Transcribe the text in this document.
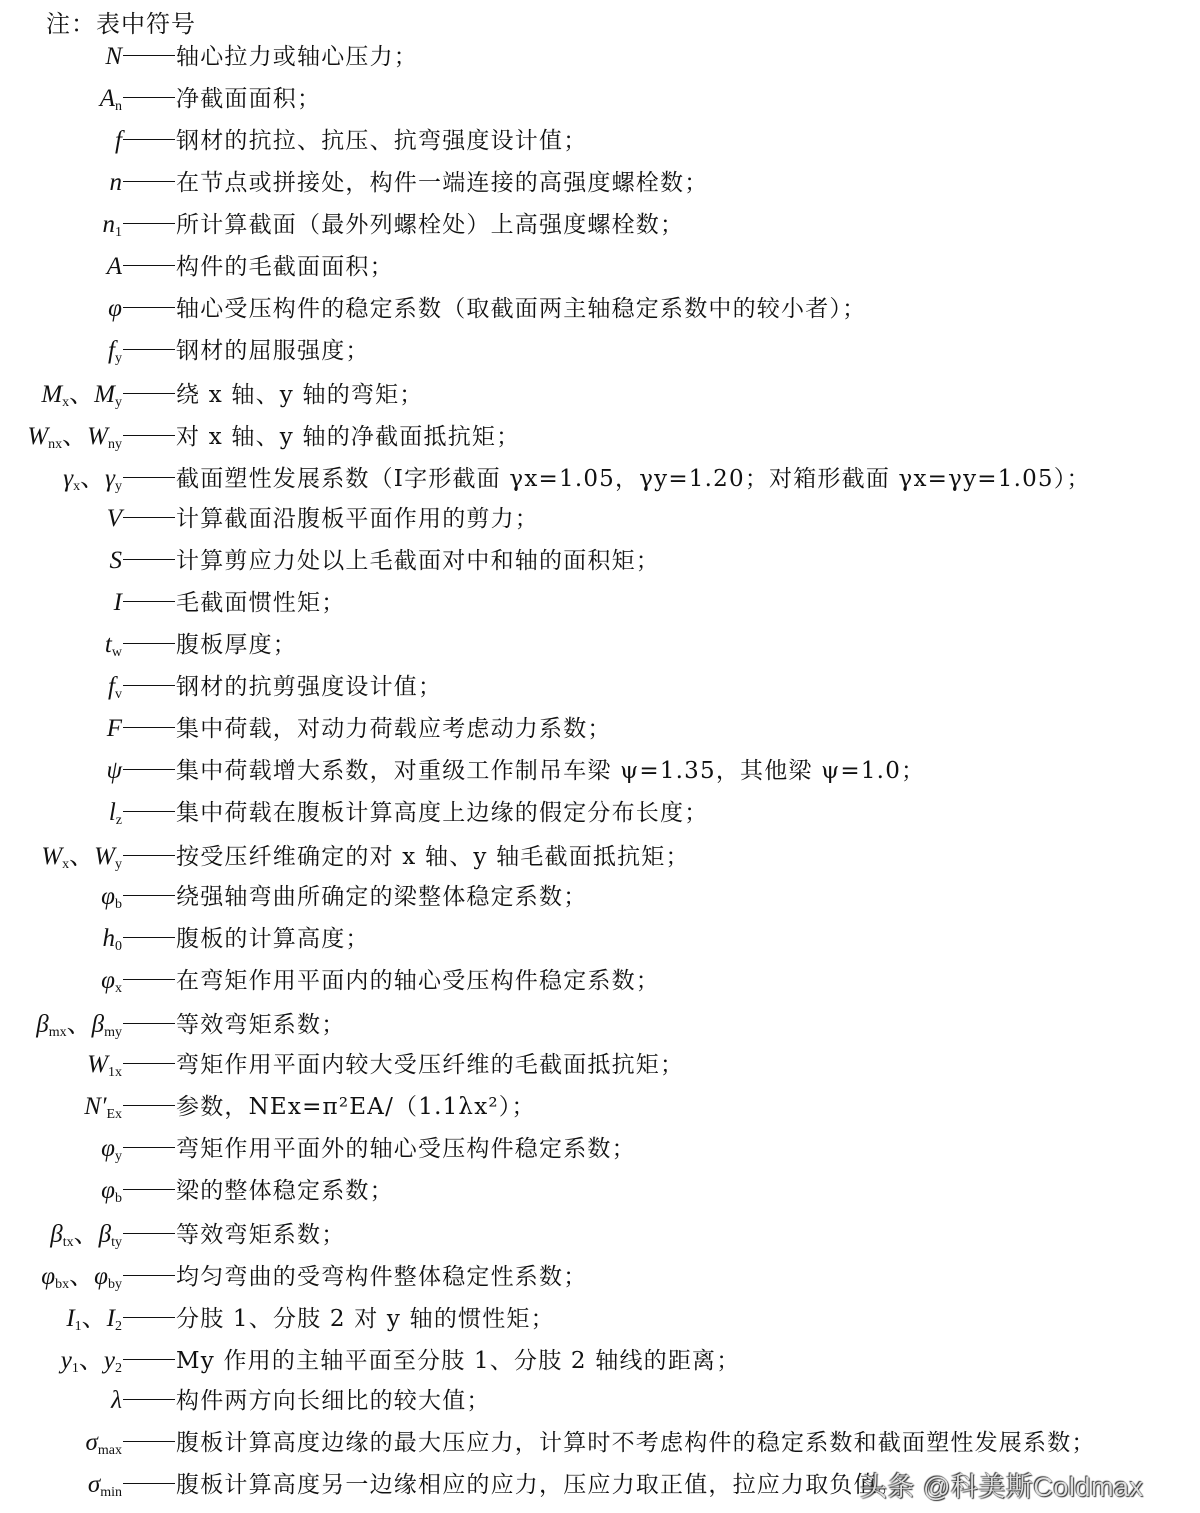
注：表中符号
N 轴心拉力或轴心压力；
$A_n$ 净截面面积；
f 钢材的抗拉、抗压、抗弯强度设计值；
n 在节点或拼接处，构件一端连接的高强度螺栓数；
$n_1$ 所计算截面（最外列螺栓处）上高强度螺栓数；
A 构件的毛截面面积；
φ 轴心受压构件的稳定系数（取截面两主轴稳定系数中的较小者）；
$f_y$ 钢材的屈服强度；
$M_x$、$M_y$ 绕 x 轴、y 轴的弯矩；
$W_{nx}$、$W_{ny}$ 对 x 轴、y 轴的净截面抵抗矩；
$\gamma_x$、$\gamma_y$ 截面塑性发展系数（I字形截面 γx=1.05，γy=1.20；对箱形截面 γx=γy=1.05）；
V 计算截面沿腹板平面作用的剪力；
S 计算剪应力处以上毛截面对中和轴的面积矩；
I 毛截面惯性矩；
$t_w$ 腹板厚度；
$f_v$ 钢材的抗剪强度设计值；
F 集中荷载，对动力荷载应考虑动力系数；
ψ 集中荷载增大系数，对重级工作制吊车梁 ψ=1.35，其他梁 ψ=1.0；
$l_z$ 集中荷载在腹板计算高度上边缘的假定分布长度；
$W_x$、$W_y$ 按受压纤维确定的对 x 轴、y 轴毛截面抵抗矩；
$\varphi_b$ 绕强轴弯曲所确定的梁整体稳定系数；
$h_0$ 腹板的计算高度；
$\varphi_x$ 在弯矩作用平面内的轴心受压构件稳定系数；
$\beta_{mx}$、$\beta_{my}$ 等效弯矩系数；
$W_{1x}$ 弯矩作用平面内较大受压纤维的毛截面抵抗矩；
$N'_{Ex}$ 参数，NEx=π²EA/（1.1λx²）；
$\varphi_y$ 弯矩作用平面外的轴心受压构件稳定系数；
$\varphi_b$ 梁的整体稳定系数；
$\beta_{tx}$、$\beta_{ty}$ 等效弯矩系数；
$\varphi_{bx}$、$\varphi_{by}$ 均匀弯曲的受弯构件整体稳定性系数；
$I_1$、$I_2$ 分肢 1、分肢 2 对 y 轴的惯性矩；
$y_1$、$y_2$ My 作用的主轴平面至分肢 1、分肢 2 轴线的距离；
λ 构件两方向长细比的较大值；
$\sigma_{max}$ 腹板计算高度边缘的最大压应力，计算时不考虑构件的稳定系数和截面塑性发展系数；
$\sigma_{min}$ 腹板计算高度另一边缘相应的应力，压应力取正值，拉应力取负值。
头条 @科美斯Coldmax
